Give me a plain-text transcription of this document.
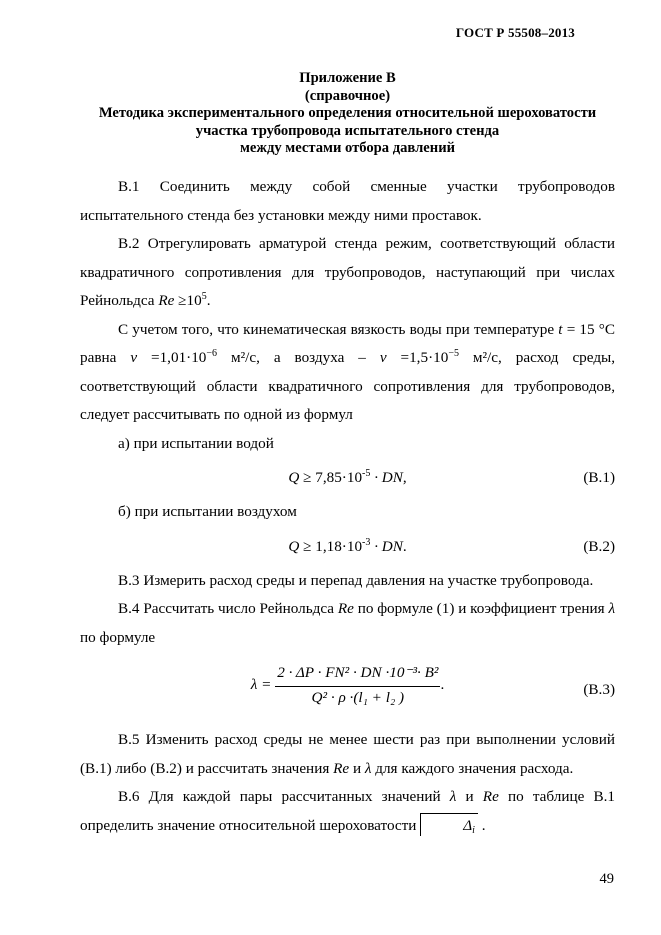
ГОСТ Р 55508–2013
Приложение В
(справочное)
Методика экспериментального определения относительной шероховатости
участка трубопровода испытательного стенда
между местами отбора давлений
В.1 Соединить между собой сменные участки трубопроводов испытательного стенда без установки между ними проставок.
В.2 Отрегулировать арматурой стенда режим, соответствующий области квадратичного сопротивления для трубопроводов, наступающий при числах Рейнольдса $Re \ge 10^5$.
С учетом того, что кинематическая вязкость воды при температуре t = 15 °С равна $\nu =1,01\cdot 10^{-6}$ м²/с, а воздуха – $\nu =1,5\cdot 10^{-5}$ м²/с, расход среды, соответствующий области квадратичного сопротивления для трубопроводов, следует рассчитывать по одной из формул
а) при испытании водой
$Q \ge 7,85\cdot 10^{-5}$ · DN,	(В.1)
б) при испытании воздухом
$Q \ge 1,18\cdot 10^{-3}$ · DN.	(В.2)
В.3 Измерить расход среды и перепад давления на участке трубопровода.
В.4 Рассчитать число Рейнольдса Re по формуле (1) и коэффициент трения λ по формуле
$\lambda = \frac{\text{2 · ΔP · FN² · DN ·10⁻³· B²}}{\text{Q² · ρ ·(l₁ + l₂ )}}$ .	(В.3)
В.5 Изменить расход среды не менее шести раз при выполнении условий (В.1) либо (В.2) и рассчитать значения Re и λ для каждого значения расхода.
В.6 Для каждой пары рассчитанных значений λ и Re по таблице В.1 определить значение относительной шероховатости	$\Delta_i$ .
49
